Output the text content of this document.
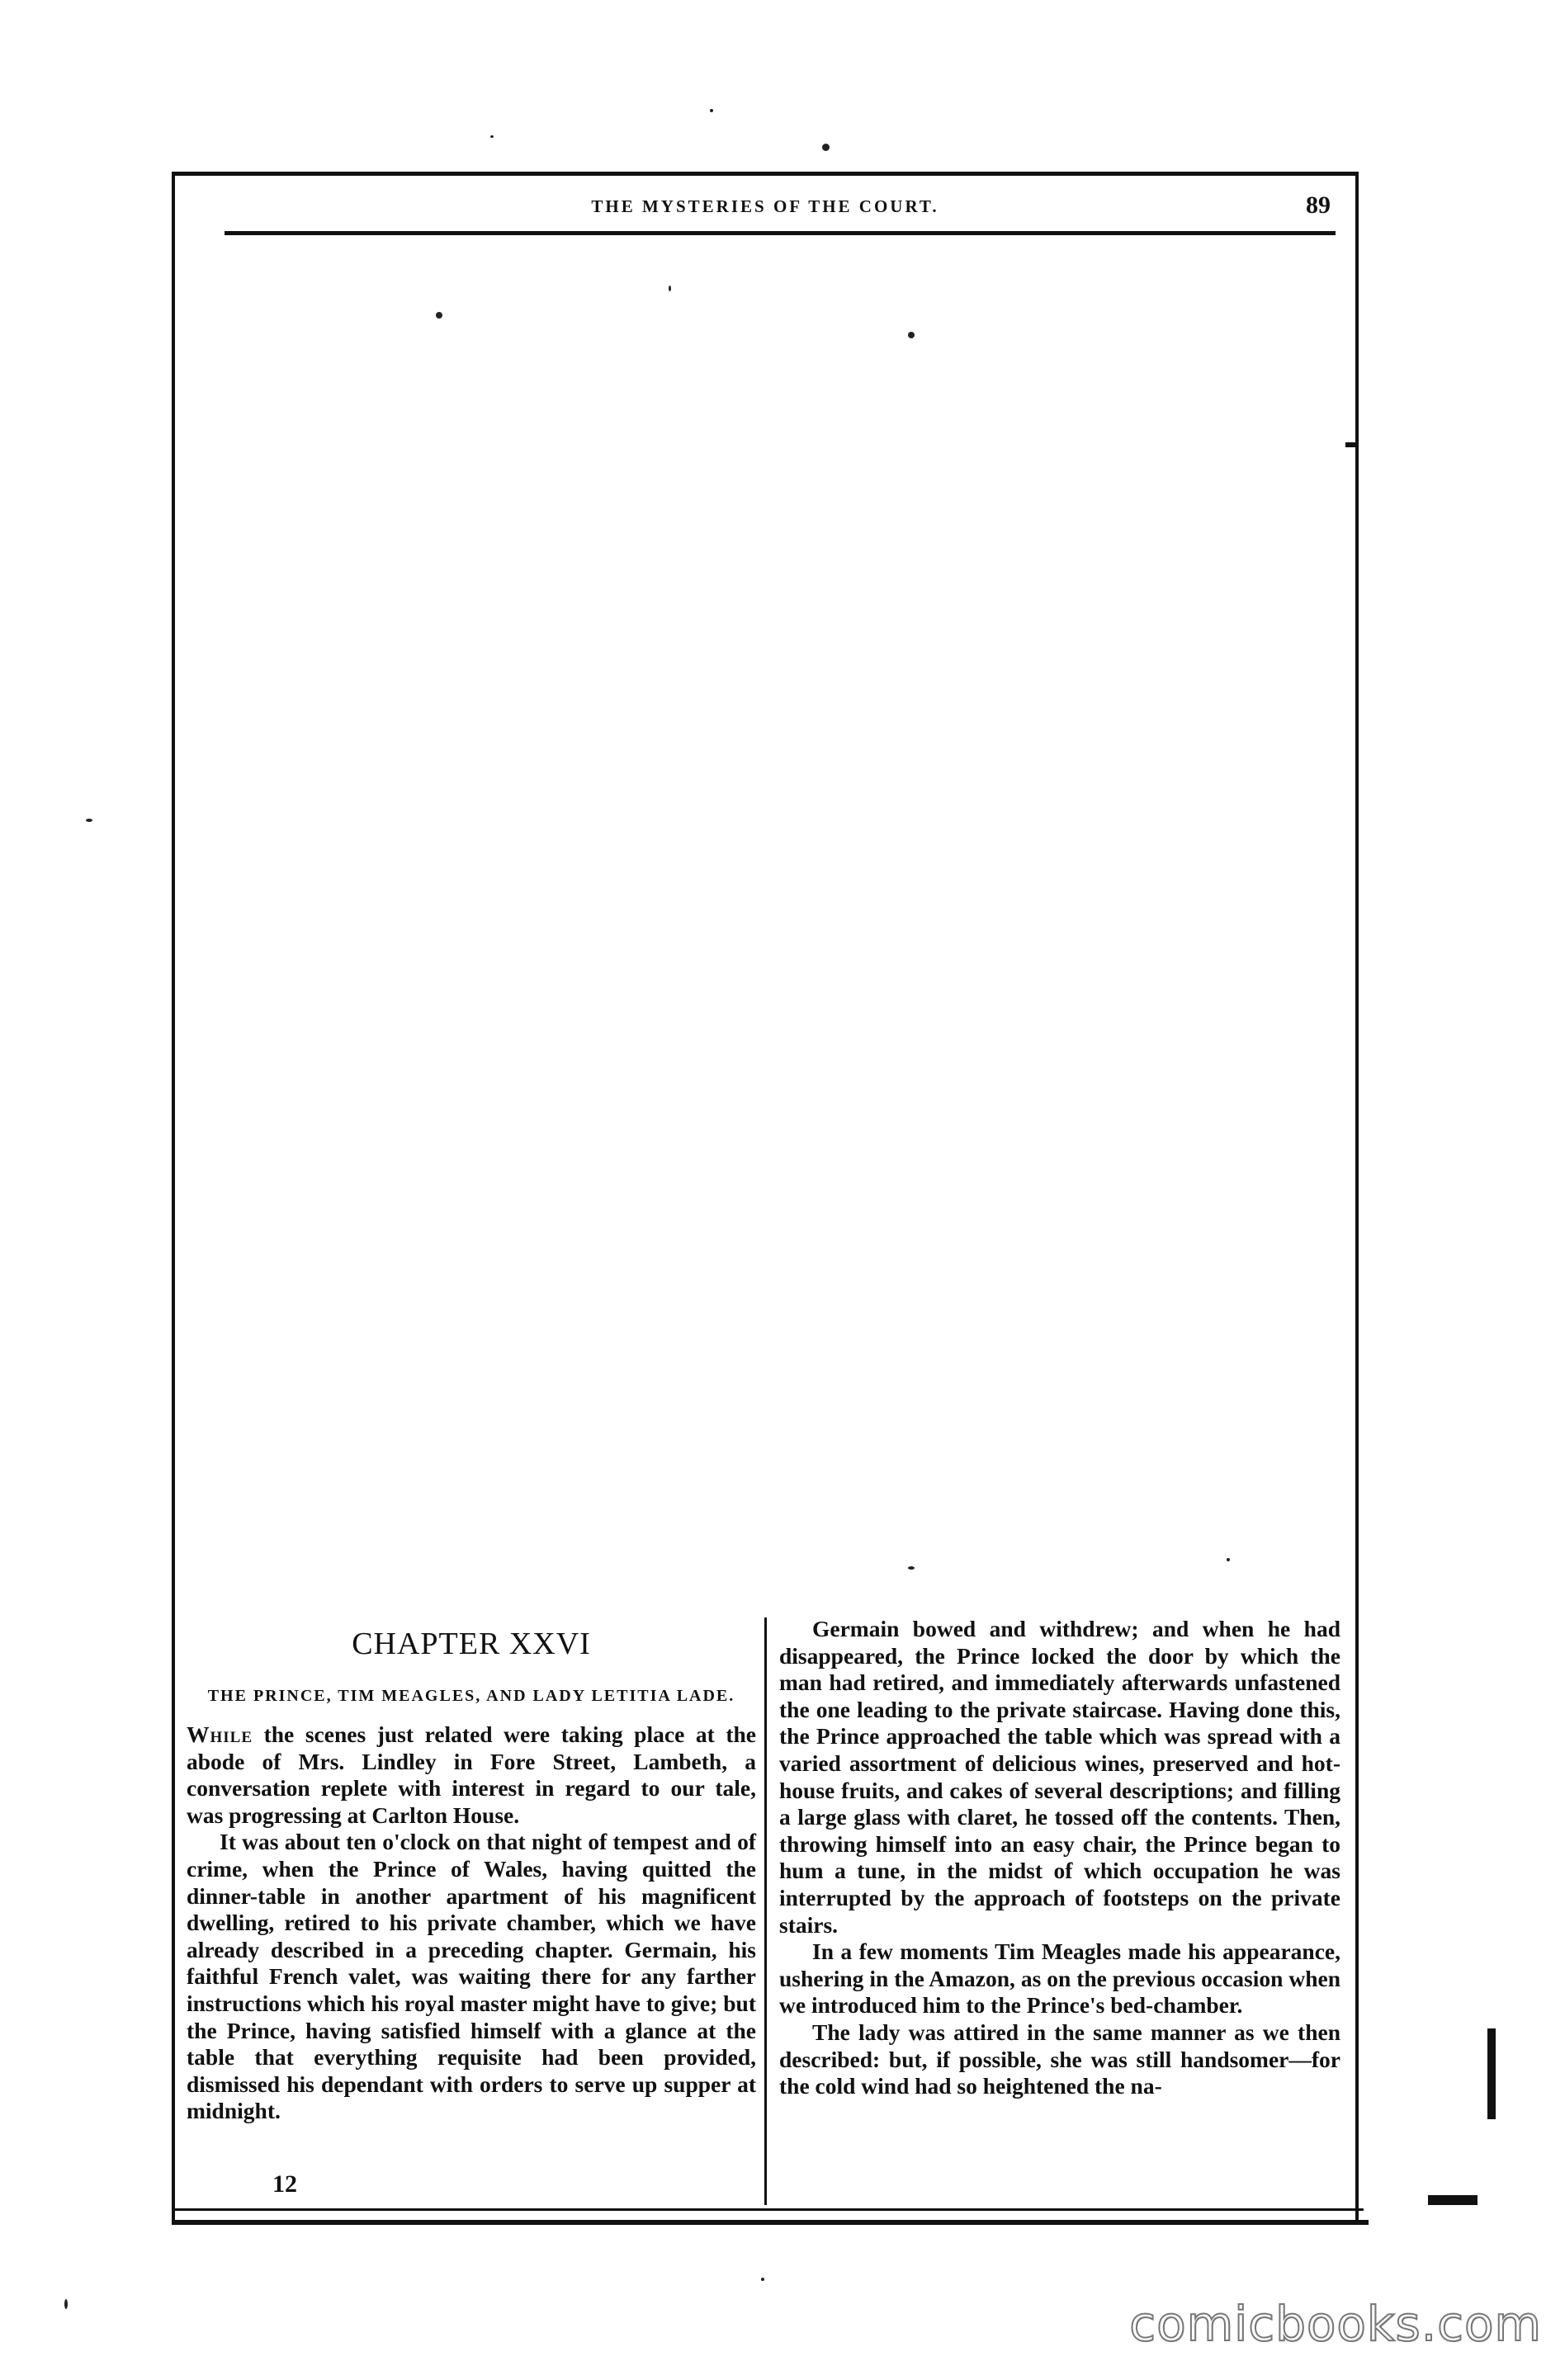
THE MYSTERIES OF THE COURT.	89
CHAPTER XXVI
THE PRINCE, TIM MEAGLES, AND LADY LETITIA LADE.

While the scenes just related were taking place at the abode of Mrs. Lindley in Fore Street, Lambeth, a conversation replete with interest in regard to our tale, was progressing at Carlton House.

It was about ten o'clock on that night of tempest and of crime, when the Prince of Wales, having quitted the dinner-table in another apartment of his magnificent dwelling, retired to his private chamber, which we have already described in a preceding chapter. Germain, his faithful French valet, was waiting there for any farther instructions which his royal master might have to give; but the Prince, having satisfied himself with a glance at the table that everything requisite had been provided, dismissed his dependant with orders to serve up supper at midnight.

Germain bowed and withdrew; and when he had disappeared, the Prince locked the door by which the man had retired, and immediately afterwards unfastened the one leading to the private staircase. Having done this, the Prince approached the table which was spread with a varied assortment of delicious wines, preserved and hot-house fruits, and cakes of several descriptions; and filling a large glass with claret, he tossed off the contents. Then, throwing himself into an easy chair, the Prince began to hum a tune, in the midst of which occupation he was interrupted by the approach of footsteps on the private stairs.

In a few moments Tim Meagles made his appearance, ushering in the Amazon, as on the previous occasion when we introduced him to the Prince's bed-chamber.

The lady was attired in the same manner as we then described: but, if possible, she was still handsomer—for the cold wind had so heightened the na-

12
comicbooks.com
